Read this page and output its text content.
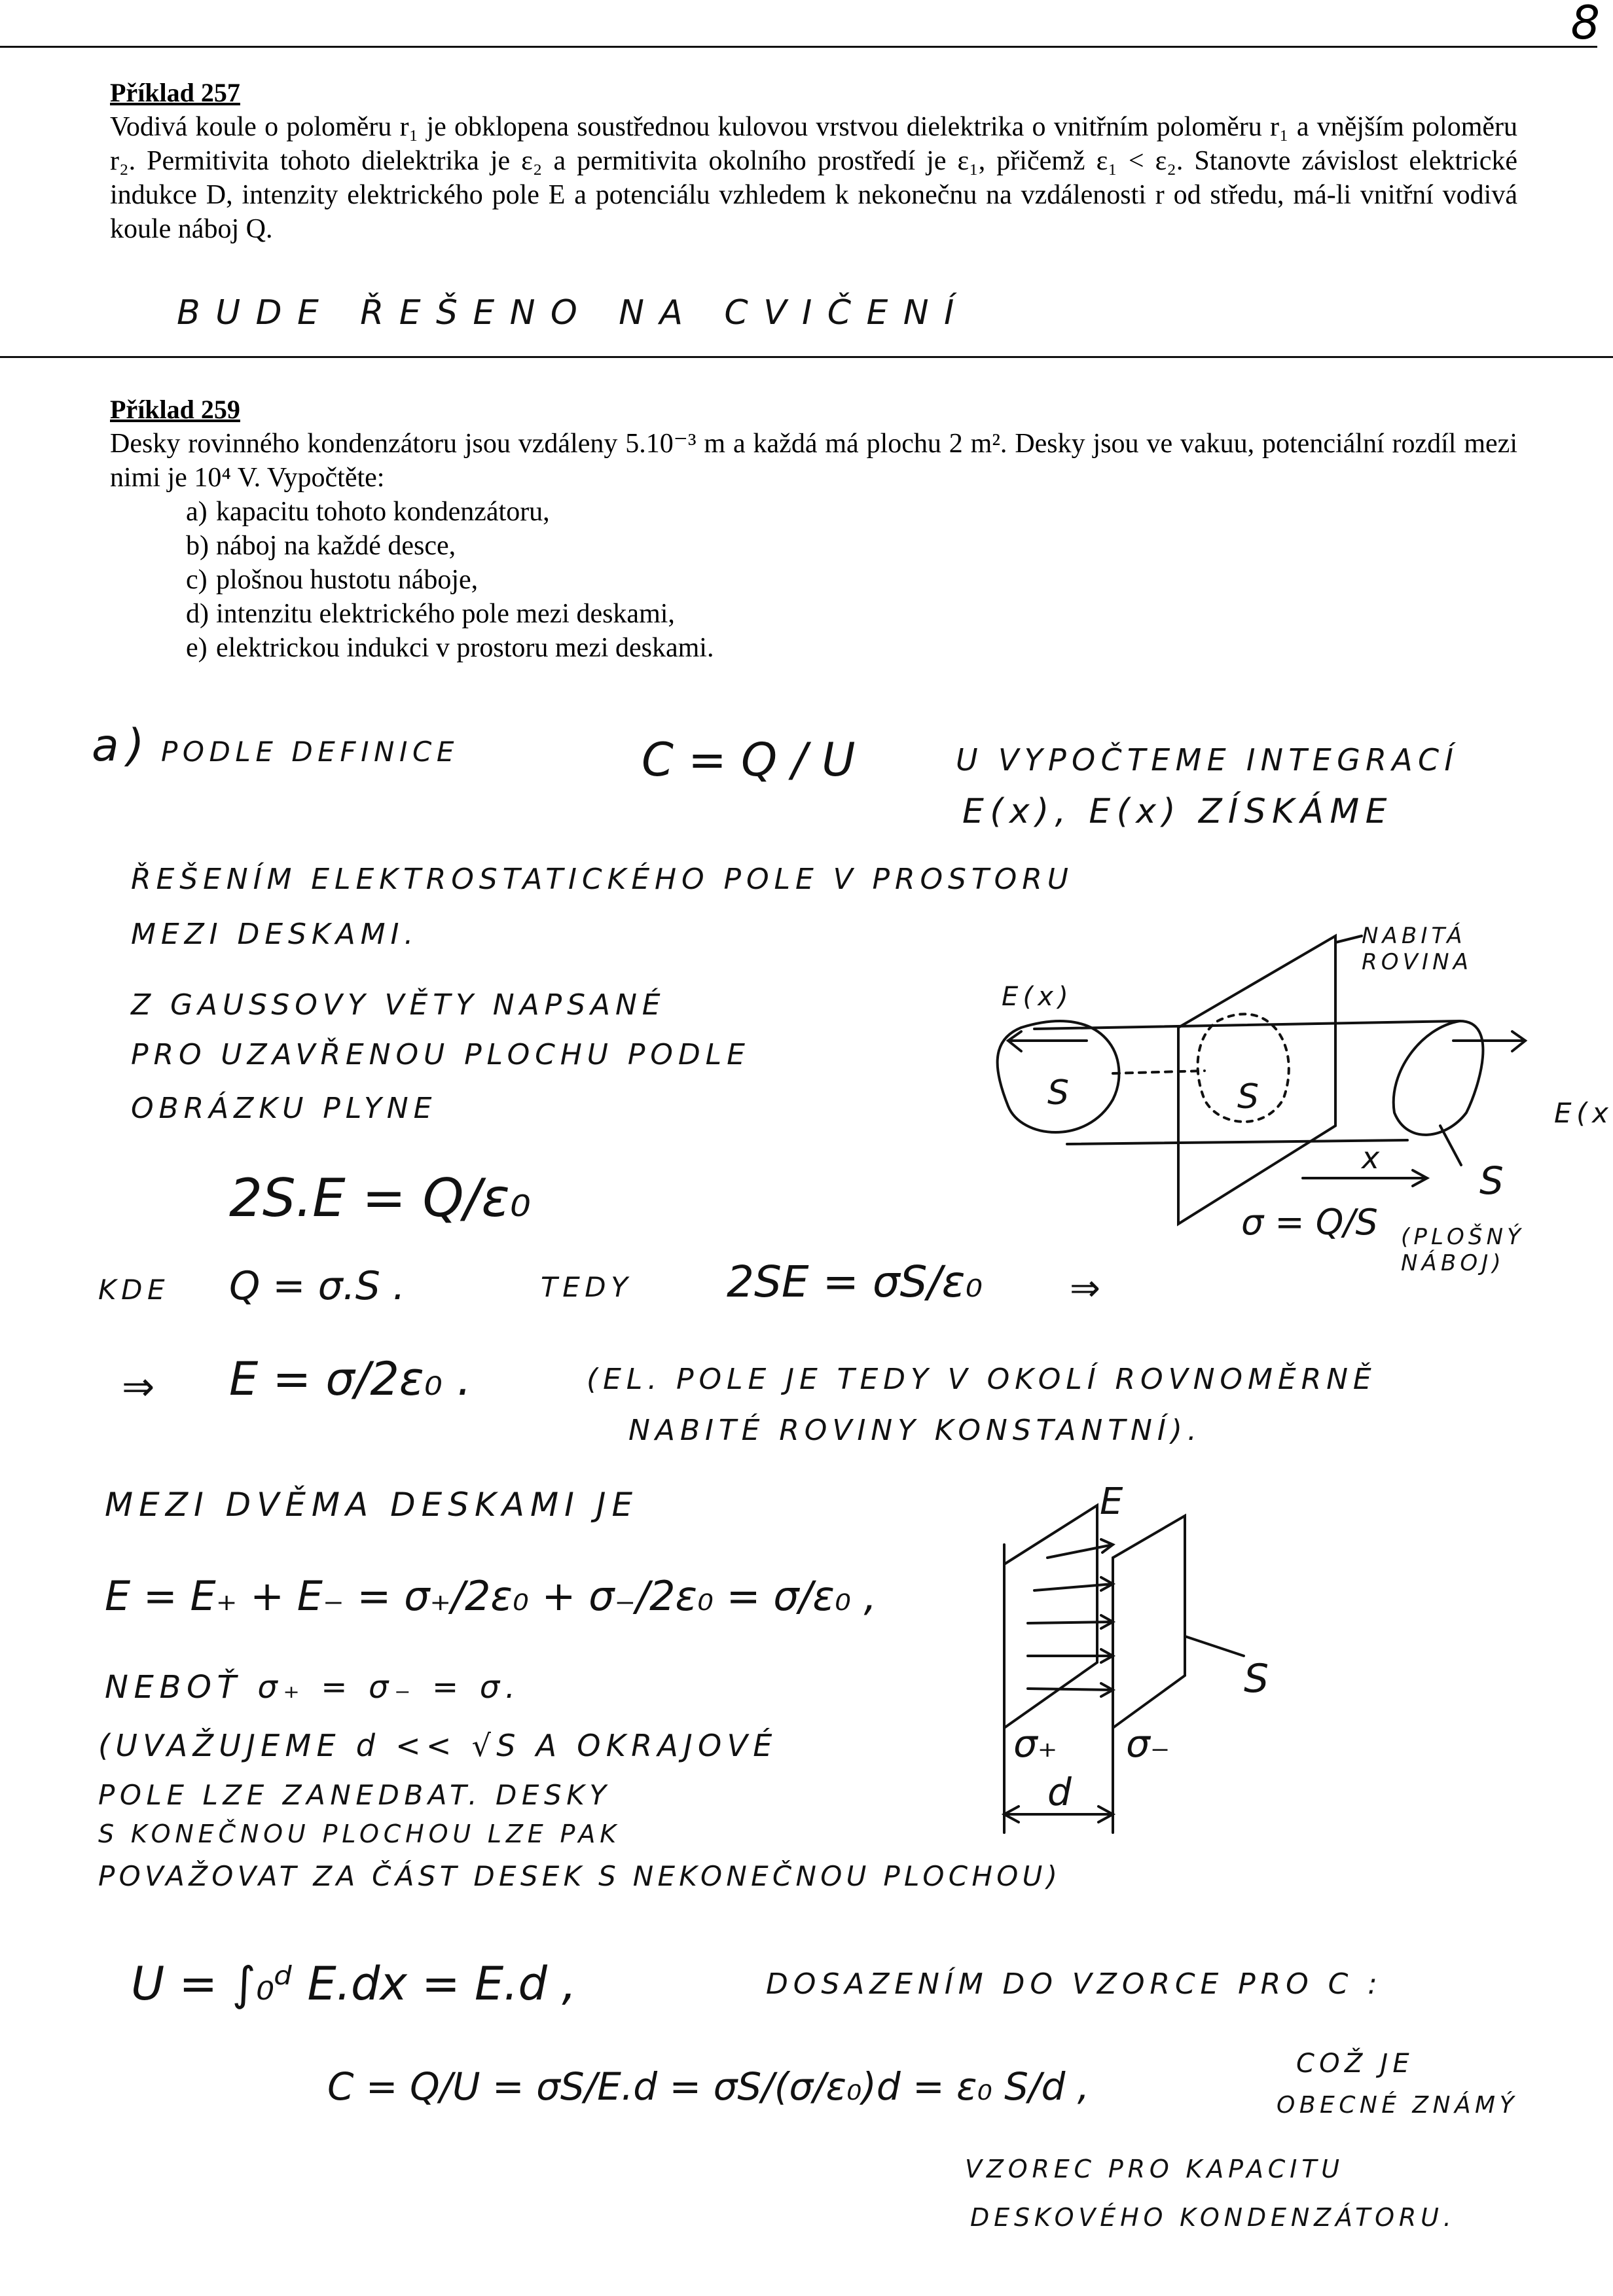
8
Příklad 257
Vodivá koule o poloměru r₁ je obklopena soustřednou kulovou vrstvou dielektrika o vnitřním poloměru r₁ a vnějším poloměru r₂. Permitivita tohoto dielektrika je ε₂ a permitivita okolního prostředí je ε₁, přičemž ε₁ < ε₂. Stanovte závislost elektrické indukce D, intenzity elektrického pole E a potenciálu vzhledem k nekonečnu na vzdálenosti r od středu, má-li vnitřní vodivá koule náboj Q.
BUDE ŘEŠENO NA CVIČENÍ
Příklad 259
Desky rovinného kondenzátoru jsou vzdáleny 5.10⁻³ m a každá má plochu 2 m². Desky jsou ve vakuu, potenciální rozdíl mezi nimi je 10⁴ V. Vypočtěte:
a) kapacitu tohoto kondenzátoru,
b) náboj na každé desce,
c) plošnou hustotu náboje,
d) intenzitu elektrického pole mezi deskami,
e) elektrickou indukci v prostoru mezi deskami.
a) PODLE DEFINICE	C = Q / U	U VYPOČTEME INTEGRACÍ
E(x), E(x) ZÍSKÁME
ŘEŠENÍM ELEKTROSTATICKÉHO POLE V PROSTORU
MEZI DESKAMI.
Z GAUSSOVY VĚTY NAPSANÉ
PRO UZAVŘENOU PLOCHU PODLE
OBRÁZKU PLYNE
2S.E = Q/ε₀
KDE Q = σ.S .	TEDY 2SE = σS/ε₀ ⇒
⇒ E = σ/2ε₀ .	(EL. POLE JE TEDY V OKOLÍ ROVNOMĚRNĚ
NABITÉ ROVINY KONSTANTNÍ).
MEZI DVĚMA DESKAMI JE
E = E₊ + E₋ = σ₊/2ε₀ + σ₋/2ε₀ = σ/ε₀ ,
NEBOŤ σ₊ = σ₋ = σ.
(UVAŽUJEME d << √S A OKRAJOVÉ
POLE LZE ZANEDBAT. DESKY
S KONEČNOU PLOCHOU LZE PAK
POVAŽOVAT ZA ČÁST DESEK S NEKONEČNOU PLOCHOU)
U = ∫₀ᵈ E.dx = E.d ,	DOSAZENÍM DO VZORCE PRO C :
C = Q/U = σS/E.d = σS/(σ/ε₀)d = ε₀ S/d ,
COŽ JE
OBECNÉ ZNÁMÝ
VZOREC PRO KAPACITU
DESKOVÉHO KONDENZÁTORU.
NABITÁ ROVINA
E(x)
E(x
S	S
S
x
σ = Q/S (PLOŠNÝ NÁBOJ)
E
S
σ₊ σ₋
d
